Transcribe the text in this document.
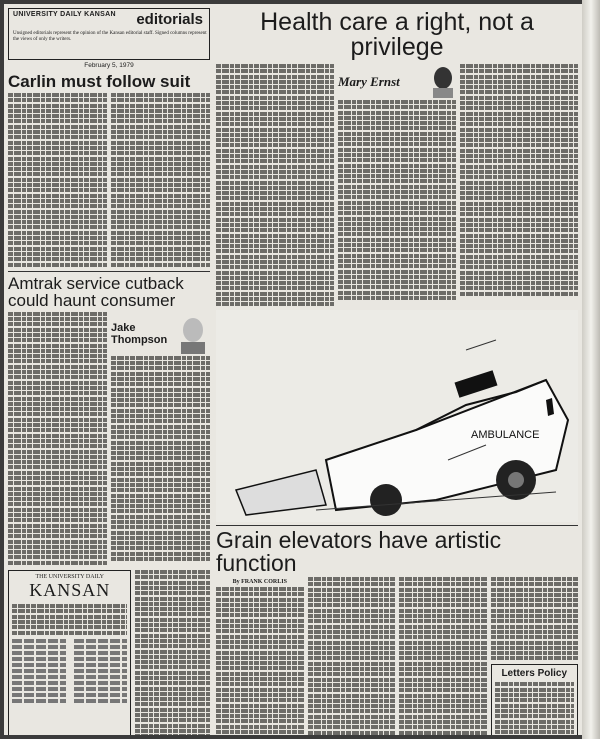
UNIVERSITY DAILY KANSAN	editorials
Unsigned editorials represent the opinion of the Kansan editorial staff. Signed columns represent the views of only the writers.
February 5, 1979
Carlin must follow suit
Amtrak service cutback could haunt consumer
Jake Thompson
THE UNIVERSITY DAILY
KANSAN
Health care a right, not a privilege
Mary Ernst
AMBULANCE
Grain elevators have artistic function
By FRANK CORLIS
Letters Policy
